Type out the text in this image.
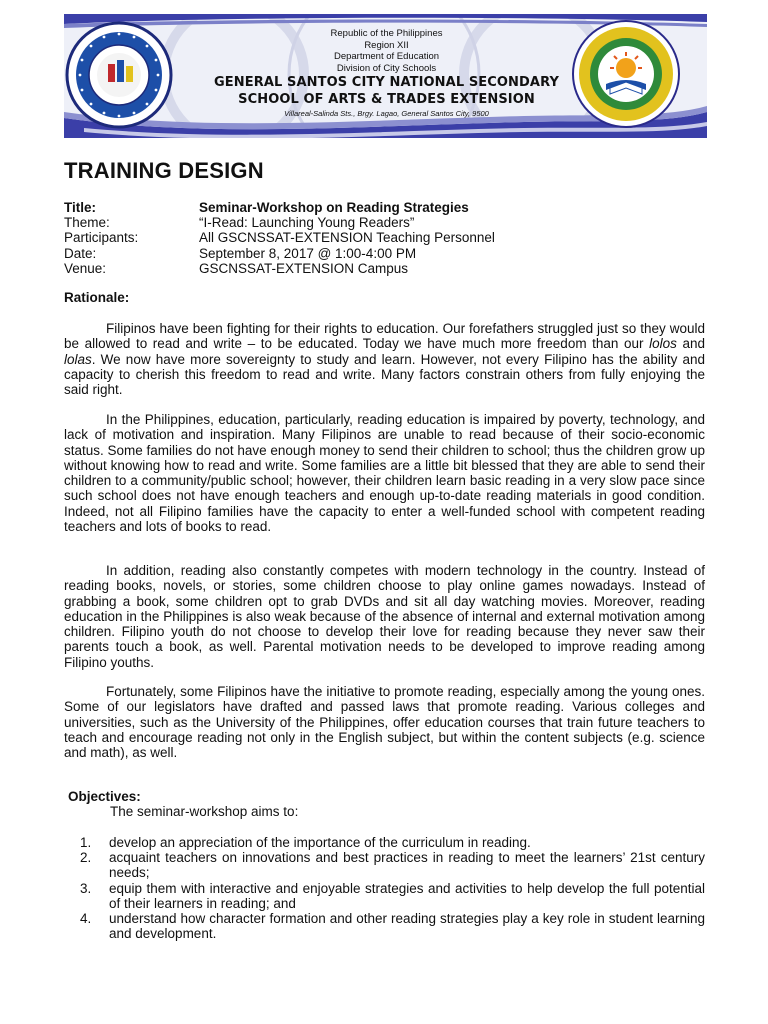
Republic of the Philippines
Region XII
Department of Education
Division of City Schools
GENERAL SANTOS CITY NATIONAL SECONDARY
SCHOOL OF ARTS & TRADES EXTENSION
Villareal-Salinda Sts., Brgy. Lagao, General Santos City, 9500
TRAINING DESIGN
Title:	Seminar-Workshop on Reading Strategies
Theme:	“I-Read: Launching Young Readers”
Participants:	All GSCNSSAT-EXTENSION Teaching Personnel
Date:	September 8, 2017 @ 1:00-4:00 PM
Venue:	GSCNSSAT-EXTENSION Campus
Rationale:

Filipinos have been fighting for their rights to education. Our forefathers struggled just so they would be allowed to read and write – to be educated. Today we have much more freedom than our lolos and lolas. We now have more sovereignty to study and learn. However, not every Filipino has the ability and capacity to cherish this freedom to read and write. Many factors constrain others from fully enjoying the said right.

In the Philippines, education, particularly, reading education is impaired by poverty, technology, and lack of motivation and inspiration. Many Filipinos are unable to read because of their socio-economic status. Some families do not have enough money to send their children to school; thus the children grow up without knowing how to read and write. Some families are a little bit blessed that they are able to send their children to a community/public school; however, their children learn basic reading in a very slow pace since such school does not have enough teachers and enough up-to-date reading materials in good condition. Indeed, not all Filipino families have the capacity to enter a well-funded school with competent reading teachers and lots of books to read.

In addition, reading also constantly competes with modern technology in the country. Instead of reading books, novels, or stories, some children choose to play online games nowadays. Instead of grabbing a book, some children opt to grab DVDs and sit all day watching movies. Moreover, reading education in the Philippines is also weak because of the absence of internal and external motivation among children. Filipino youth do not choose to develop their love for reading because they never saw their parents touch a book, as well. Parental motivation needs to be developed to improve reading among Filipino youths.

Fortunately, some Filipinos have the initiative to promote reading, especially among the young ones. Some of our legislators have drafted and passed laws that promote reading. Various colleges and universities, such as the University of the Philippines, offer education courses that train future teachers to teach and encourage reading not only in the English subject, but within the content subjects (e.g. science and math), as well.

Objectives:
The seminar-workshop aims to:
1.	develop an appreciation of the importance of the curriculum in reading.
2.	acquaint teachers on innovations and best practices in reading to meet the learners’ 21st century needs;
3.	equip them with interactive and enjoyable strategies and activities to help develop the full potential of their learners in reading; and
4.	understand how character formation and other reading strategies play a key role in student learning and development.
